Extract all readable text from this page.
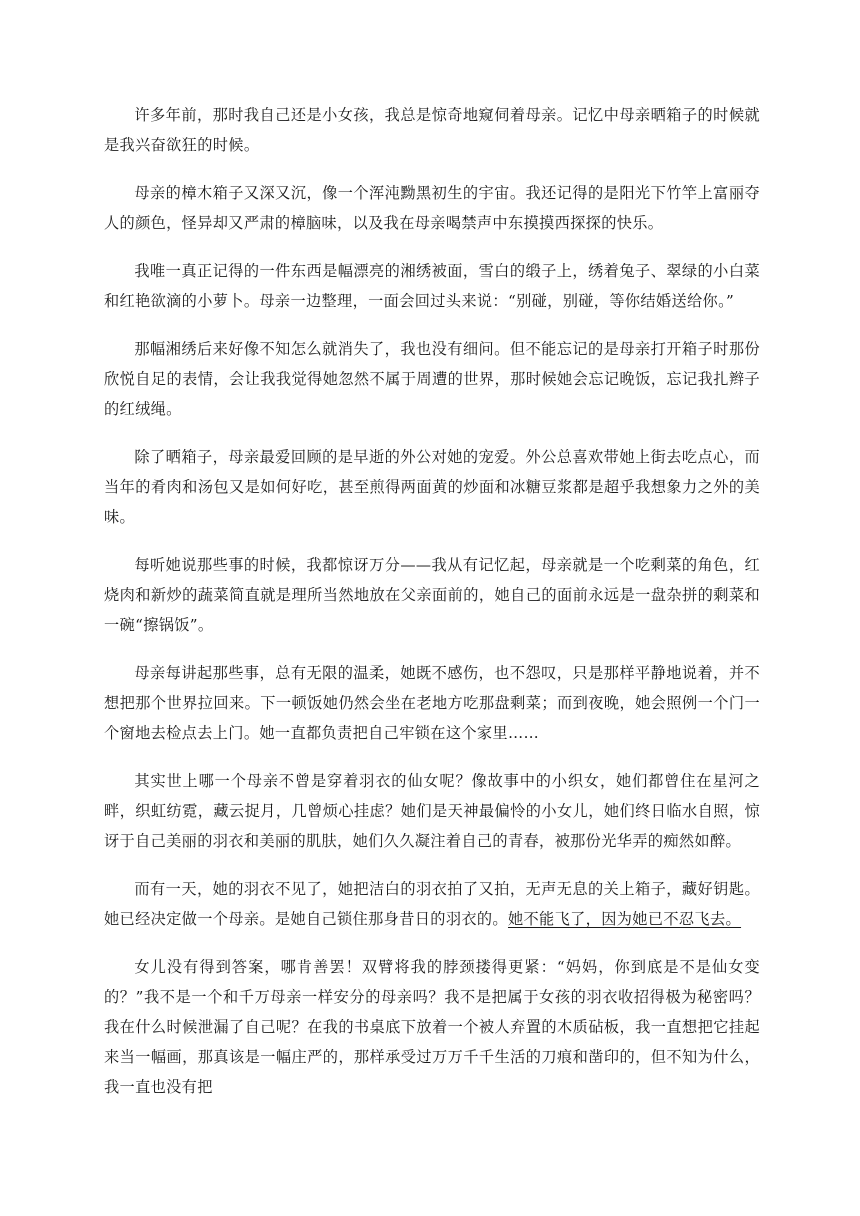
许多年前，那时我自己还是小女孩，我总是惊奇地窥伺着母亲。记忆中母亲晒箱子的时候就是我兴奋欲狂的时候。

母亲的樟木箱子又深又沉，像一个浑沌黝黑初生的宇宙。我还记得的是阳光下竹竿上富丽夺人的颜色，怪异却又严肃的樟脑味，以及我在母亲喝禁声中东摸摸西探探的快乐。

我唯一真正记得的一件东西是幅漂亮的湘绣被面，雪白的缎子上，绣着兔子、翠绿的小白菜和红艳欲滴的小萝卜。母亲一边整理，一面会回过头来说：“别碰，别碰，等你结婚送给你。”

那幅湘绣后来好像不知怎么就消失了，我也没有细问。但不能忘记的是母亲打开箱子时那份欣悦自足的表情，会让我我觉得她忽然不属于周遭的世界，那时候她会忘记晚饭，忘记我扎辫子的红绒绳。

除了晒箱子，母亲最爱回顾的是早逝的外公对她的宠爱。外公总喜欢带她上街去吃点心，而当年的肴肉和汤包又是如何好吃，甚至煎得两面黄的炒面和冰糖豆浆都是超乎我想象力之外的美味。

每听她说那些事的时候，我都惊讶万分——我从有记忆起，母亲就是一个吃剩菜的角色，红烧肉和新炒的蔬菜简直就是理所当然地放在父亲面前的，她自己的面前永远是一盘杂拼的剩菜和一碗“擦锅饭”。

母亲每讲起那些事，总有无限的温柔，她既不感伤，也不怨叹，只是那样平静地说着，并不想把那个世界拉回来。下一顿饭她仍然会坐在老地方吃那盘剩菜；而到夜晚，她会照例一个门一个窗地去检点去上门。她一直都负责把自己牢锁在这个家里……

其实世上哪一个母亲不曾是穿着羽衣的仙女呢？像故事中的小织女，她们都曾住在星河之畔，织虹纺霓，藏云捉月，几曾烦心挂虑？她们是天神最偏怜的小女儿，她们终日临水自照，惊讶于自己美丽的羽衣和美丽的肌肤，她们久久凝注着自己的青春，被那份光华弄的痴然如醉。

而有一天，她的羽衣不见了，她把洁白的羽衣拍了又拍，无声无息的关上箱子，藏好钥匙。她已经决定做一个母亲。是她自己锁住那身昔日的羽衣的。她不能飞了，因为她已不忍飞去。

女儿没有得到答案，哪肯善罢！双臂将我的脖颈搂得更紧：“妈妈，你到底是不是仙女变的？”我不是一个和千万母亲一样安分的母亲吗？我不是把属于女孩的羽衣收招得极为秘密吗？我在什么时候泄漏了自己呢？在我的书桌底下放着一个被人弃置的木质砧板，我一直想把它挂起来当一幅画，那真该是一幅庄严的，那样承受过万万千千生活的刀痕和凿印的，但不知为什么，我一直也没有把
